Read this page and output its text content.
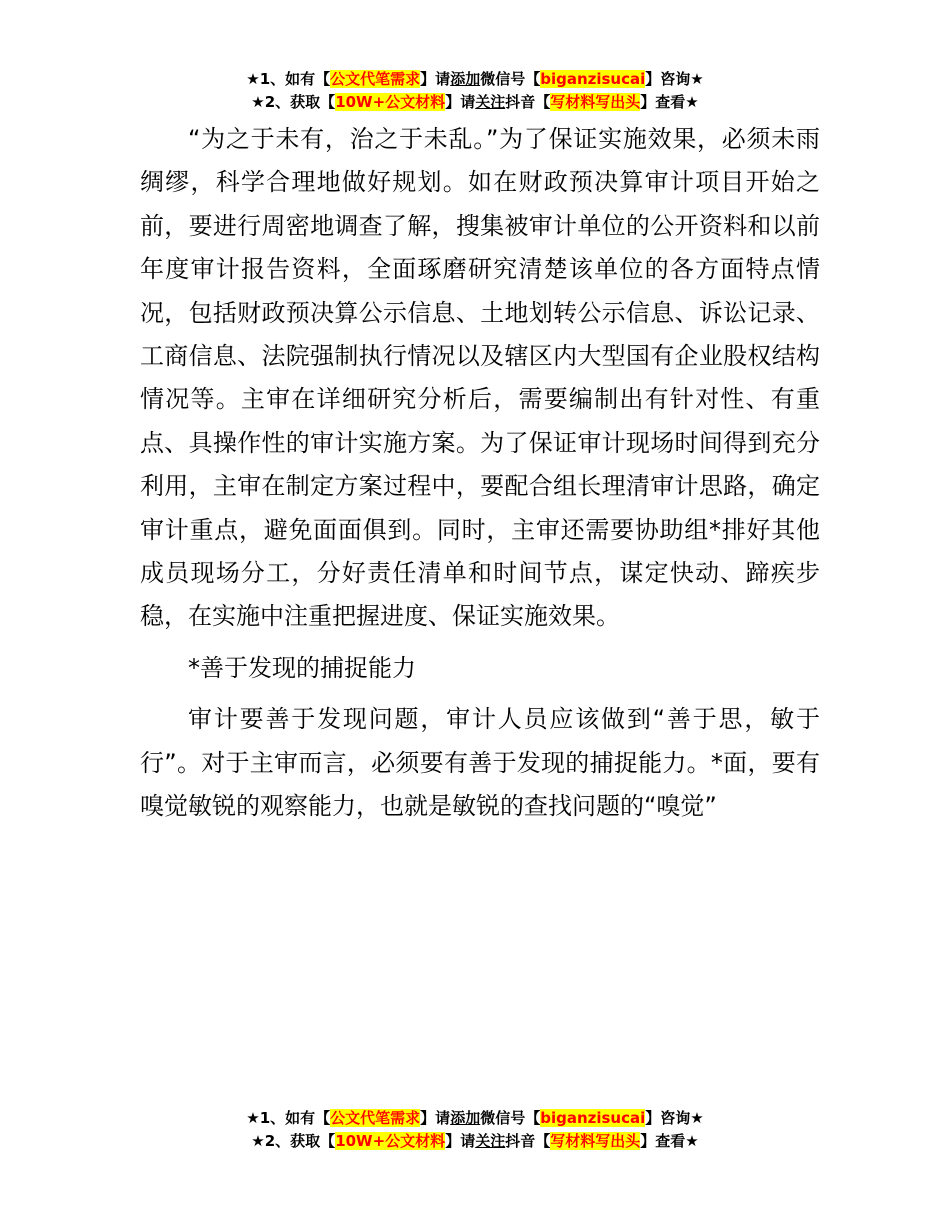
★1、如有【公文代笔需求】请添加微信号【biganzisucai】咨询★
★2、获取【10W+公文材料】请关注抖音【写材料写出头】查看★

“为之于未有，治之于未乱。”为了保证实施效果，必须未雨绸缪，科学合理地做好规划。如在财政预决算审计项目开始之前，要进行周密地调查了解，搜集被审计单位的公开资料和以前年度审计报告资料，全面琢磨研究清楚该单位的各方面特点情况，包括财政预决算公示信息、土地划转公示信息、诉讼记录、工商信息、法院强制执行情况以及辖区内大型国有企业股权结构情况等。主审在详细研究分析后，需要编制出有针对性、有重点、具操作性的审计实施方案。为了保证审计现场时间得到充分利用，主审在制定方案过程中，要配合组长理清审计思路，确定审计重点，避免面面俱到。同时，主审还需要协助组*排好其他成员现场分工，分好责任清单和时间节点，谋定快动、蹄疾步稳，在实施中注重把握进度、保证实施效果。

*善于发现的捕捉能力

审计要善于发现问题，审计人员应该做到“善于思，敏于行”。对于主审而言，必须要有善于发现的捕捉能力。*面，要有嗅觉敏锐的观察能力，也就是敏锐的查找问题的“嗅觉”

★1、如有【公文代笔需求】请添加微信号【biganzisucai】咨询★
★2、获取【10W+公文材料】请关注抖音【写材料写出头】查看★
